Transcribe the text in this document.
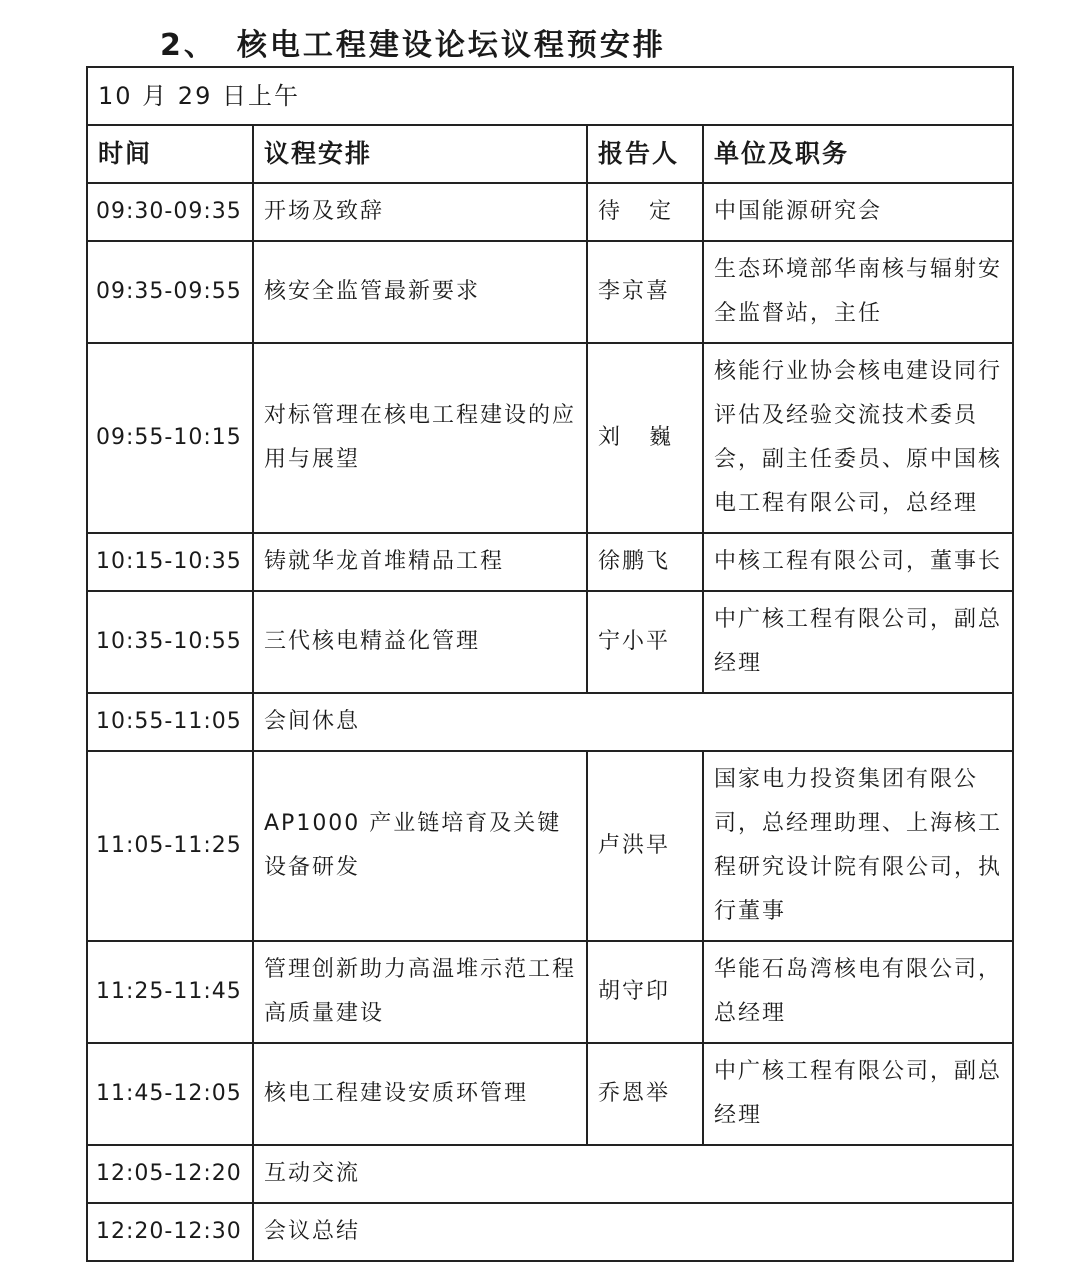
2、 核电工程建设论坛议程预安排
10 月 29 日上午			
时间	议程安排	报告人	单位及职务
09:30-09:35	开场及致辞	待   定	中国能源研究会
09:35-09:55	核安全监管最新要求	李京喜	生态环境部华南核与辐射安全监督站，主任
09:55-10:15	对标管理在核电工程建设的应用与展望	刘   巍	核能行业协会核电建设同行评估及经验交流技术委员会，副主任委员、原中国核电工程有限公司，总经理
10:15-10:35	铸就华龙首堆精品工程	徐鹏飞	中核工程有限公司，董事长
10:35-10:55	三代核电精益化管理	宁小平	中广核工程有限公司，副总经理
10:55-11:05	会间休息		
11:05-11:25	AP1000 产业链培育及关键设备研发	卢洪早	国家电力投资集团有限公司，总经理助理、上海核工程研究设计院有限公司，执行董事
11:25-11:45	管理创新助力高温堆示范工程高质量建设	胡守印	华能石岛湾核电有限公司，总经理
11:45-12:05	核电工程建设安质环管理	乔恩举	中广核工程有限公司，副总经理
12:05-12:20	互动交流		
12:20-12:30	会议总结		
